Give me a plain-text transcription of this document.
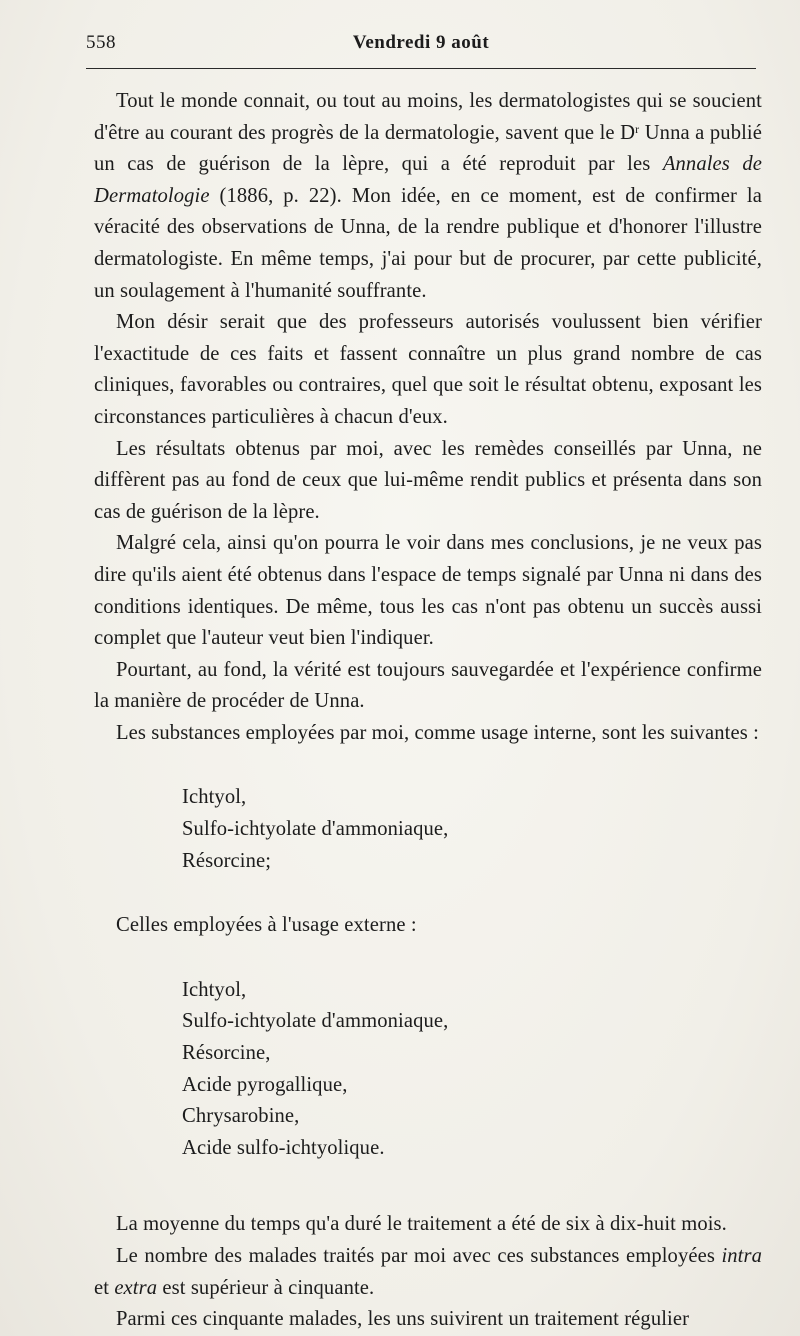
558	Vendredi 9 août

Tout le monde connait, ou tout au moins, les dermatologistes qui se soucient d'être au courant des progrès de la dermatologie, savent que le $D^r$ Unna a publié un cas de guérison de la lèpre, qui a été reproduit par les Annales de Dermatologie (1886, p. 22). Mon idée, en ce moment, est de confirmer la véracité des observations de Unna, de la rendre publique et d'honorer l'illustre dermatologiste. En même temps, j'ai pour but de procurer, par cette publicité, un soulagement à l'humanité souffrante.

Mon désir serait que des professeurs autorisés voulussent bien vérifier l'exactitude de ces faits et fassent connaître un plus grand nombre de cas cliniques, favorables ou contraires, quel que soit le résultat obtenu, exposant les circonstances particulières à chacun d'eux.

Les résultats obtenus par moi, avec les remèdes conseillés par Unna, ne diffèrent pas au fond de ceux que lui-même rendit publics et présenta dans son cas de guérison de la lèpre.

Malgré cela, ainsi qu'on pourra le voir dans mes conclusions, je ne veux pas dire qu'ils aient été obtenus dans l'espace de temps signalé par Unna ni dans des conditions identiques. De même, tous les cas n'ont pas obtenu un succès aussi complet que l'auteur veut bien l'indiquer.

Pourtant, au fond, la vérité est toujours sauvegardée et l'expérience confirme la manière de procéder de Unna.

Les substances employées par moi, comme usage interne, sont les suivantes :

Ichtyol,
Sulfo-ichtyolate d'ammoniaque,
Résorcine;

Celles employées à l'usage externe :

Ichtyol,
Sulfo-ichtyolate d'ammoniaque,
Résorcine,
Acide pyrogallique,
Chrysarobine,
Acide sulfo-ichtyolique.

La moyenne du temps qu'a duré le traitement a été de six à dix-huit mois.

Le nombre des malades traités par moi avec ces substances employées intra et extra est supérieur à cinquante.

Parmi ces cinquante malades, les uns suivirent un traitement régulier
